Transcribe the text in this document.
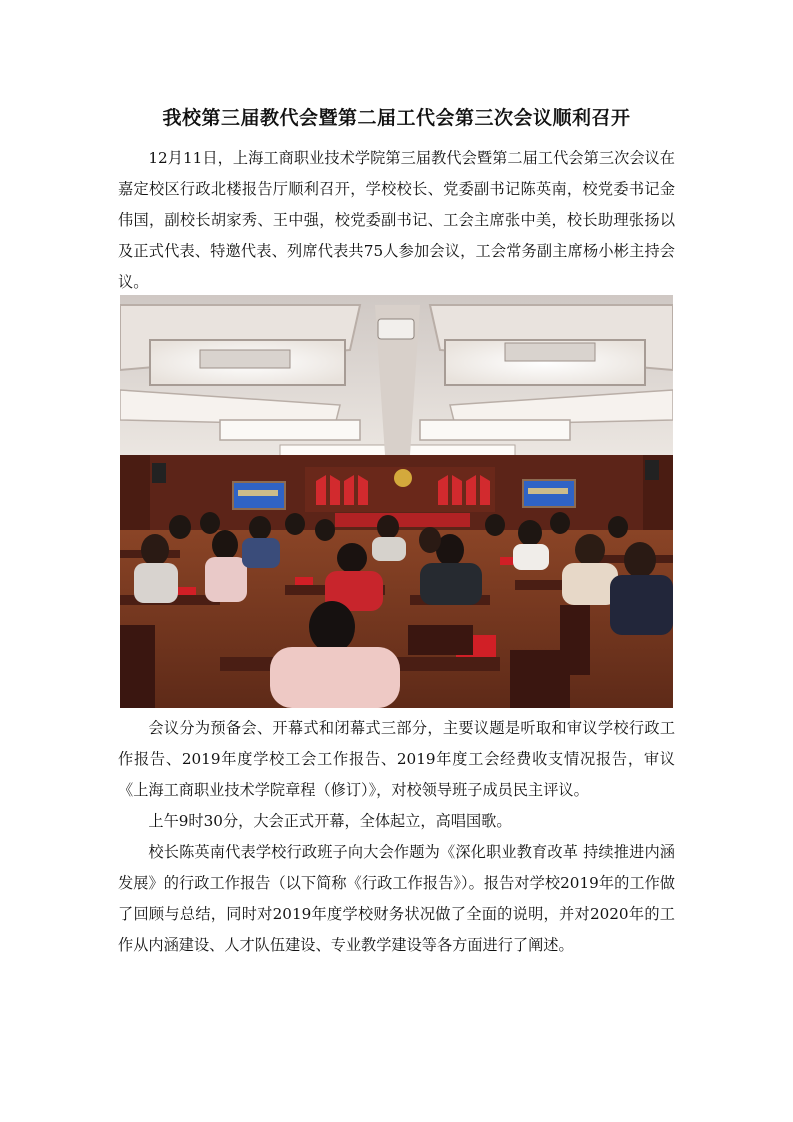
我校第三届教代会暨第二届工代会第三次会议顺利召开

12月11日，上海工商职业技术学院第三届教代会暨第二届工代会第三次会议在嘉定校区行政北楼报告厅顺利召开，学校校长、党委副书记陈英南，校党委书记金伟国，副校长胡家秀、王中强，校党委副书记、工会主席张中美，校长助理张扬以及正式代表、特邀代表、列席代表共75人参加会议，工会常务副主席杨小彬主持会议。

会议分为预备会、开幕式和闭幕式三部分，主要议题是听取和审议学校行政工作报告、2019年度学校工会工作报告、2019年度工会经费收支情况报告，审议《上海工商职业技术学院章程（修订）》，对校领导班子成员民主评议。

上午9时30分，大会正式开幕，全体起立，高唱国歌。

校长陈英南代表学校行政班子向大会作题为《深化职业教育改革 持续推进内涵发展》的行政工作报告（以下简称《行政工作报告》）。报告对学校2019年的工作做了回顾与总结，同时对2019年度学校财务状况做了全面的说明，并对2020年的工作从内涵建设、人才队伍建设、专业教学建设等各方面进行了阐述。
